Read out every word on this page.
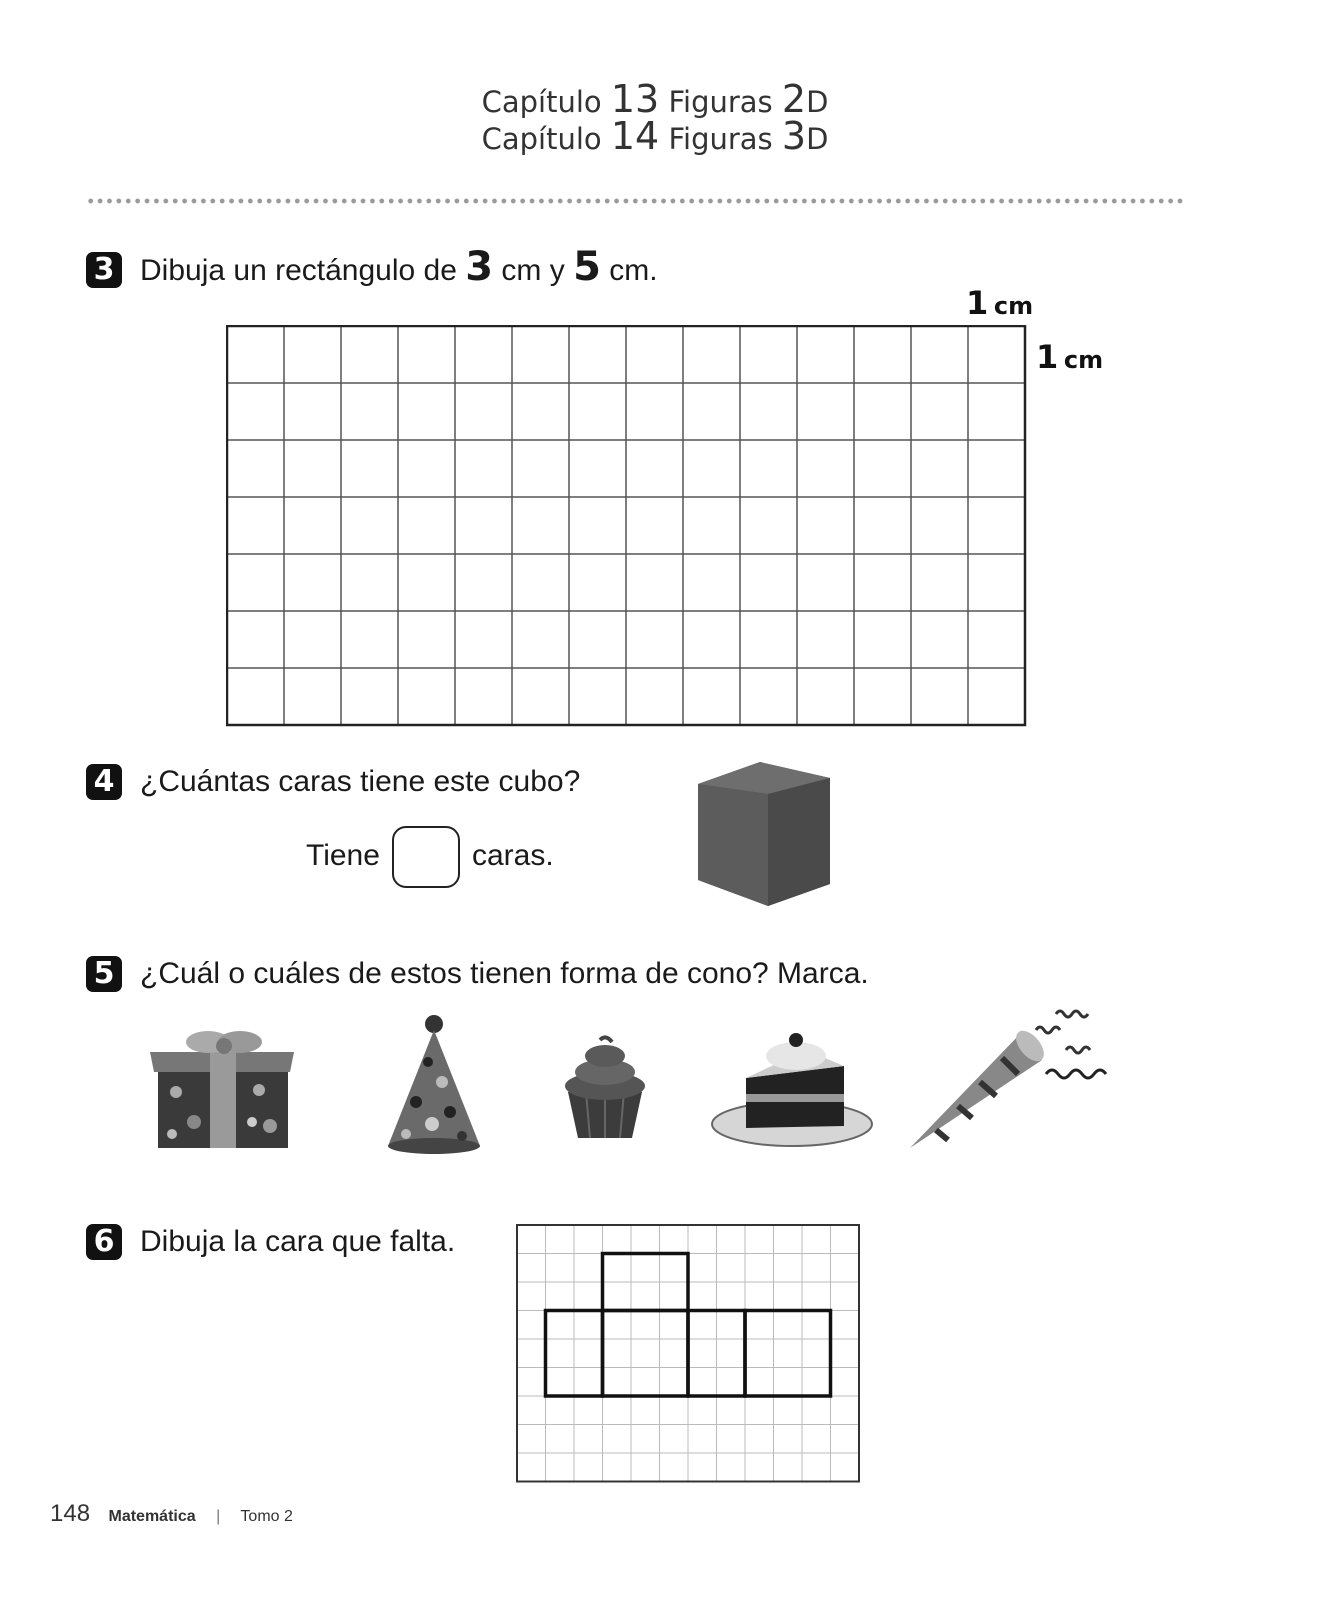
Capítulo 13 Figuras 2D
Capítulo 14 Figuras 3D
3 Dibuja un rectángulo de 3 cm y 5 cm.
1 cm
1 cm
4 ¿Cuántas caras tiene este cubo?
Tiene	caras.
5 ¿Cuál o cuáles de estos tienen forma de cono? Marca.
6 Dibuja la cara que falta.
148 Matemática | Tomo 2
